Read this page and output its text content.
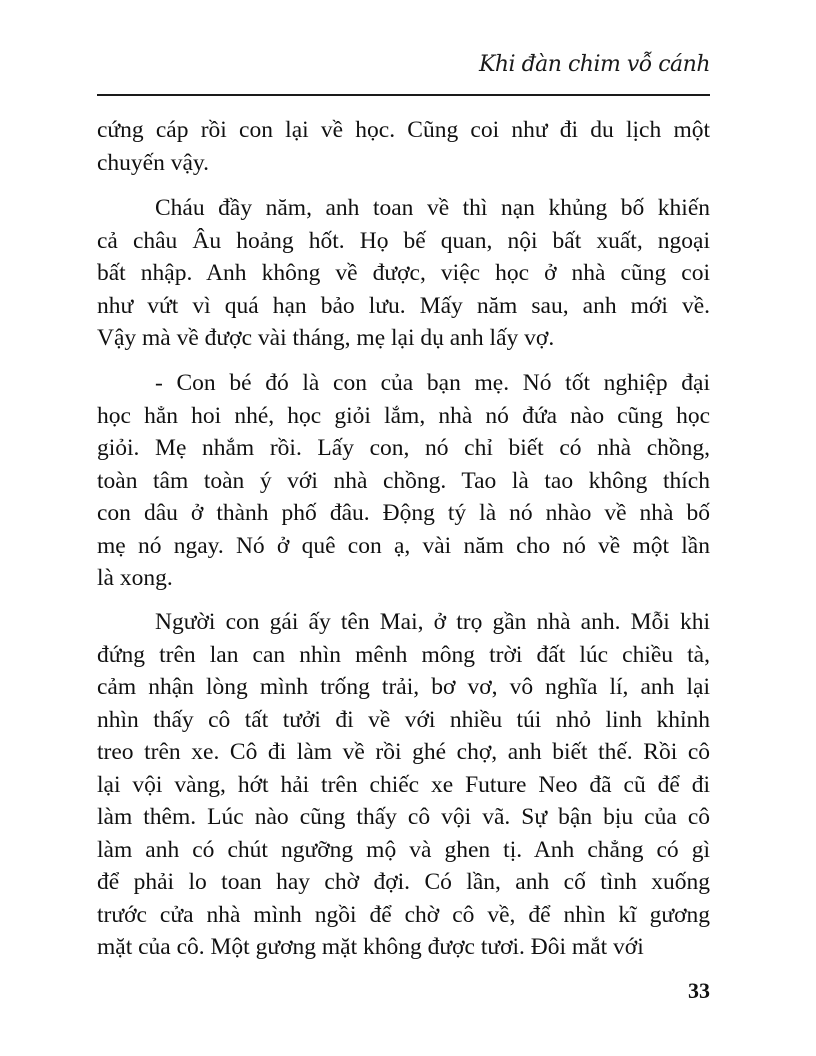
Khi đàn chim vỗ cánh
cứng cáp rồi con lại về học. Cũng coi như đi du lịch một
chuyến vậy.
Cháu đầy năm, anh toan về thì nạn khủng bố khiến
cả châu Âu hoảng hốt. Họ bế quan, nội bất xuất, ngoại
bất nhập. Anh không về được, việc học ở nhà cũng coi
như vứt vì quá hạn bảo lưu. Mấy năm sau, anh mới về.
Vậy mà về được vài tháng, mẹ lại dụ anh lấy vợ.
- Con bé đó là con của bạn mẹ. Nó tốt nghiệp đại
học hẳn hoi nhé, học giỏi lắm, nhà nó đứa nào cũng học
giỏi. Mẹ nhắm rồi. Lấy con, nó chỉ biết có nhà chồng,
toàn tâm toàn ý với nhà chồng. Tao là tao không thích
con dâu ở thành phố đâu. Động tý là nó nhào về nhà bố
mẹ nó ngay. Nó ở quê con ạ, vài năm cho nó về một lần
là xong.
Người con gái ấy tên Mai, ở trọ gần nhà anh. Mỗi khi
đứng trên lan can nhìn mênh mông trời đất lúc chiều tà,
cảm nhận lòng mình trống trải, bơ vơ, vô nghĩa lí, anh lại
nhìn thấy cô tất tưởi đi về với nhiều túi nhỏ linh khỉnh
treo trên xe. Cô đi làm về rồi ghé chợ, anh biết thế. Rồi cô
lại vội vàng, hớt hải trên chiếc xe Future Neo đã cũ để đi
làm thêm. Lúc nào cũng thấy cô vội vã. Sự bận bịu của cô
làm anh có chút ngưỡng mộ và ghen tị. Anh chẳng có gì
để phải lo toan hay chờ đợi. Có lần, anh cố tình xuống
trước cửa nhà mình ngồi để chờ cô về, để nhìn kĩ gương
mặt của cô. Một gương mặt không được tươi. Đôi mắt với
33
